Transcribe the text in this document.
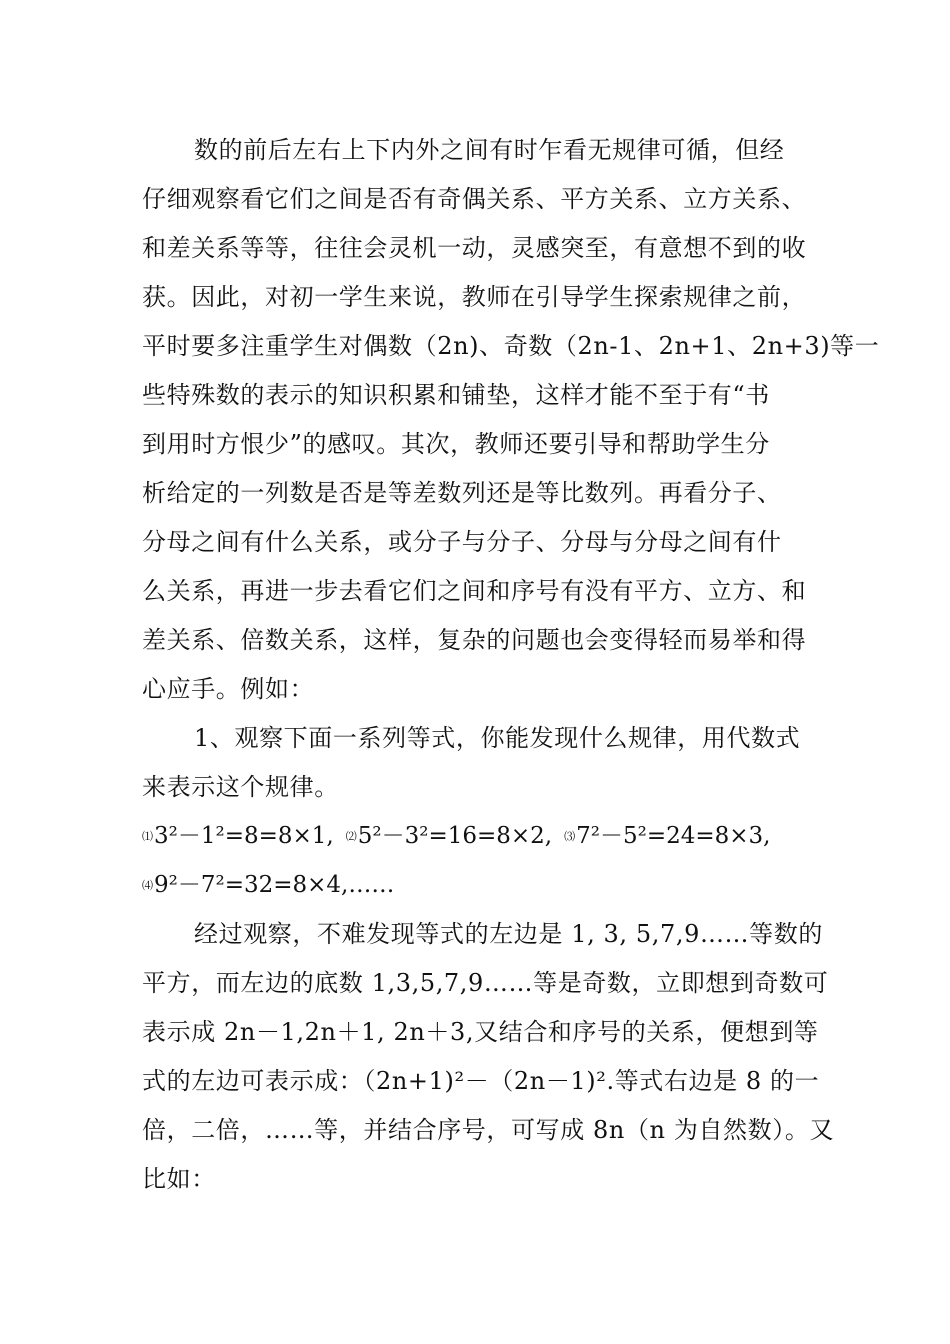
数的前后左右上下内外之间有时乍看无规律可循，但经
仔细观察看它们之间是否有奇偶关系、平方关系、立方关系、
和差关系等等，往往会灵机一动，灵感突至，有意想不到的收
获。因此，对初一学生来说，教师在引导学生探索规律之前，
平时要多注重学生对偶数（2n)、奇数（2n-1、2n+1、2n+3)等一
些特殊数的表示的知识积累和铺垫，这样才能不至于有“书
到用时方恨少”的感叹。其次，教师还要引导和帮助学生分
析给定的一列数是否是等差数列还是等比数列。再看分子、
分母之间有什么关系，或分子与分子、分母与分母之间有什
么关系，再进一步去看它们之间和序号有没有平方、立方、和
差关系、倍数关系，这样，复杂的问题也会变得轻而易举和得
心应手。例如：
1、观察下面一系列等式，你能发现什么规律，用代数式
来表示这个规律。
⑴3²－1²=8=8×1, ⑵5²－3²=16=8×2, ⑶7²－5²=24=8×3,
⑷9²－7²=32=8×4,……
经过观察，不难发现等式的左边是 1, 3, 5,7,9……等数的
平方，而左边的底数 1,3,5,7,9……等是奇数，立即想到奇数可
表示成 2n－1,2n＋1, 2n＋3,又结合和序号的关系，便想到等
式的左边可表示成：（2n+1)²－（2n－1)².等式右边是 8 的一
倍，二倍，……等，并结合序号，可写成 8n（n 为自然数）。又
比如：
